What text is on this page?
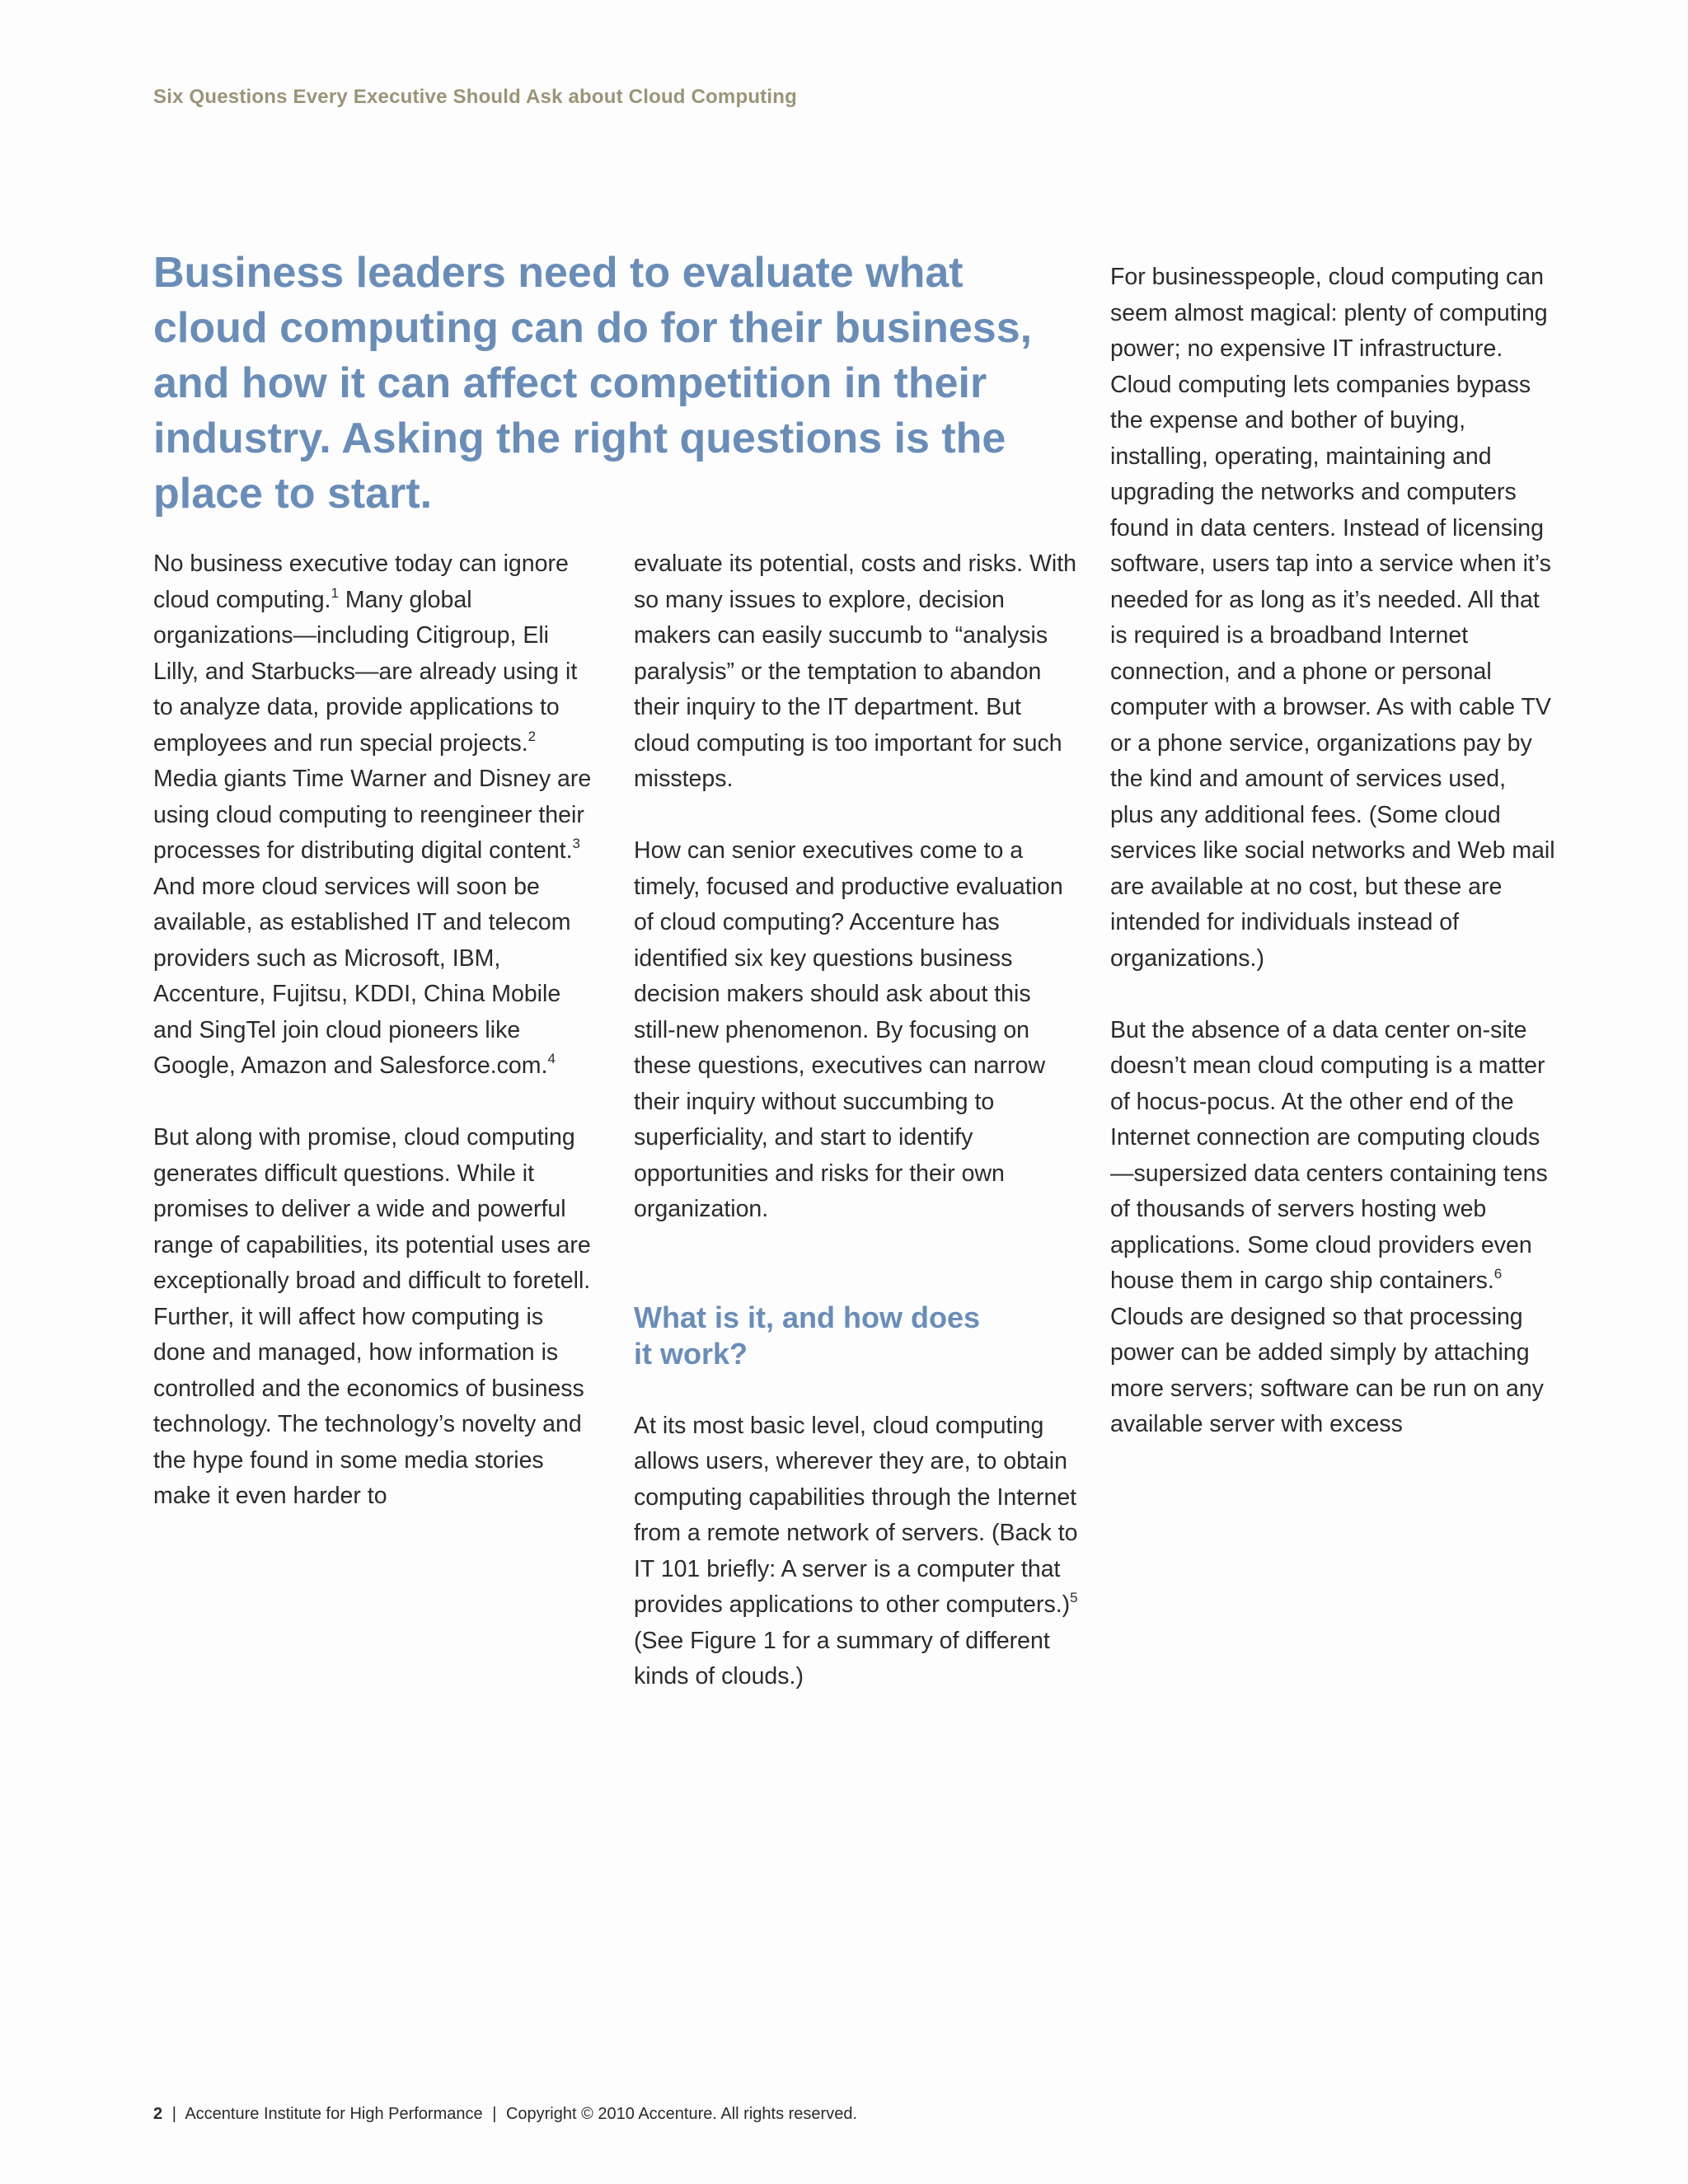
Six Questions Every Executive Should Ask about Cloud Computing
Business leaders need to evaluate what cloud computing can do for their business, and how it can affect competition in their industry. Asking the right questions is the place to start.

No business executive today can ignore cloud computing.$^1$ Many global organizations—including Citigroup, Eli Lilly, and Starbucks—are already using it to analyze data, provide applications to employees and run special projects.$^2$ Media giants Time Warner and Disney are using cloud computing to reengineer their processes for distributing digital content.$^3$ And more cloud services will soon be available, as established IT and telecom providers such as Microsoft, IBM, Accenture, Fujitsu, KDDI, China Mobile and SingTel join cloud pioneers like Google, Amazon and Salesforce.com.$^4$

But along with promise, cloud computing generates difficult questions. While it promises to deliver a wide and powerful range of capabilities, its potential uses are exceptionally broad and difficult to foretell. Further, it will affect how computing is done and managed, how information is controlled and the economics of business technology. The technology’s novelty and the hype found in some media stories make it even harder to

evaluate its potential, costs and risks. With so many issues to explore, decision makers can easily succumb to “analysis paralysis” or the temptation to abandon their inquiry to the IT department. But cloud computing is too important for such missteps.

How can senior executives come to a timely, focused and productive evaluation of cloud computing? Accenture has identified six key questions business decision makers should ask about this still-new phenomenon. By focusing on these questions, executives can narrow their inquiry without succumbing to superficiality, and start to identify opportunities and risks for their own organization.

What is it, and how does it work?

At its most basic level, cloud computing allows users, wherever they are, to obtain computing capabilities through the Internet from a remote network of servers. (Back to IT 101 briefly: A server is a computer that provides applications to other computers.)$^5$ (See Figure 1 for a summary of different kinds of clouds.)

For businesspeople, cloud computing can seem almost magical: plenty of computing power; no expensive IT infrastructure. Cloud computing lets companies bypass the expense and bother of buying, installing, operating, maintaining and upgrading the networks and computers found in data centers. Instead of licensing software, users tap into a service when it’s needed for as long as it’s needed. All that is required is a broadband Internet connection, and a phone or personal computer with a browser. As with cable TV or a phone service, organizations pay by the kind and amount of services used, plus any additional fees. (Some cloud services like social networks and Web mail are available at no cost, but these are intended for individuals instead of organizations.)

But the absence of a data center on-site doesn’t mean cloud computing is a matter of hocus-pocus. At the other end of the Internet connection are computing clouds—supersized data centers containing tens of thousands of servers hosting web applications. Some cloud providers even house them in cargo ship containers.$^6$ Clouds are designed so that processing power can be added simply by attaching more servers; software can be run on any available server with excess

2 | Accenture Institute for High Performance | Copyright © 2010 Accenture. All rights reserved.
